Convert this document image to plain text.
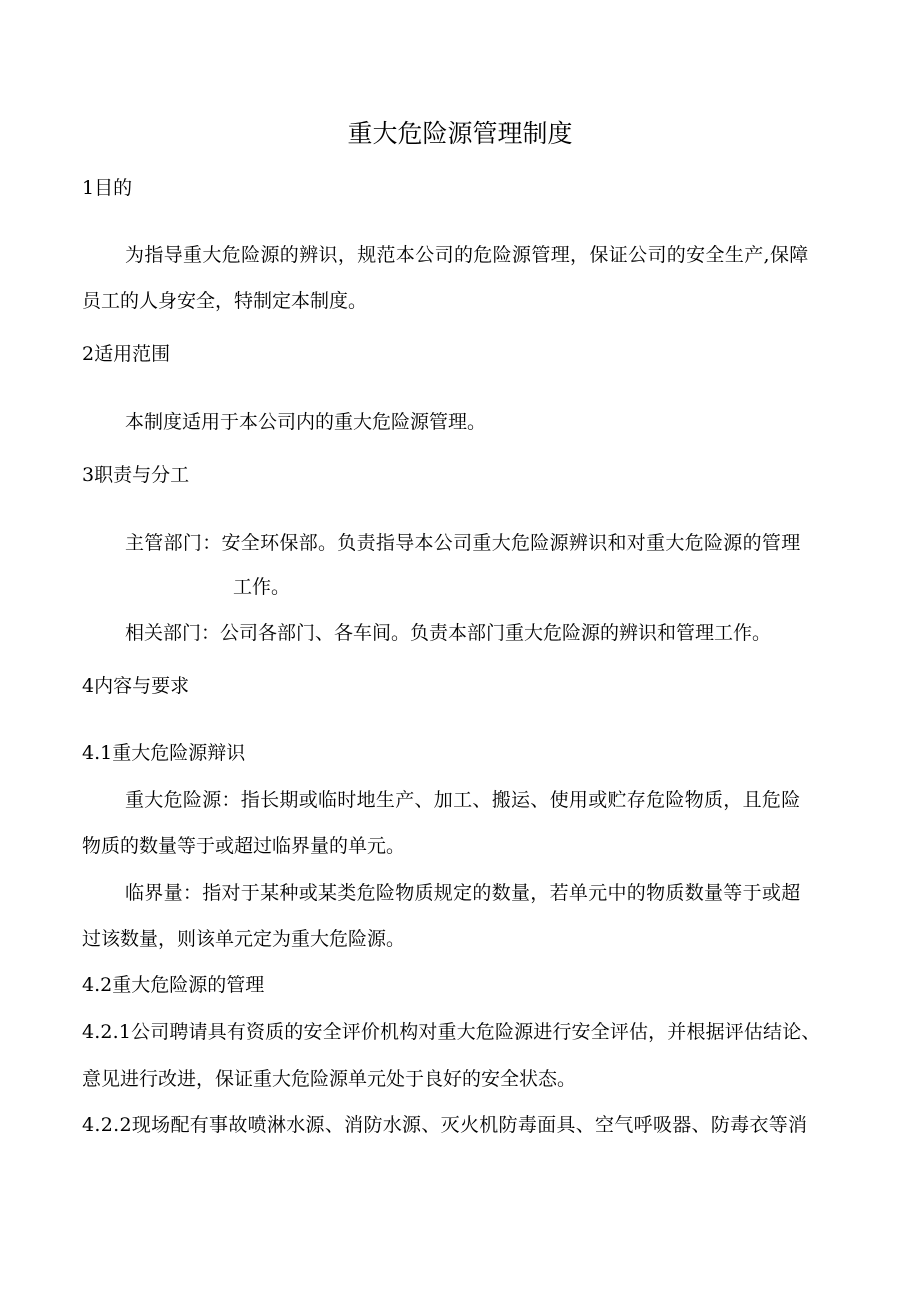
重大危险源管理制度
1目的
为指导重大危险源的辨识，规范本公司的危险源管理，保证公司的安全生产,保障
员工的人身安全，特制定本制度。
2适用范围
本制度适用于本公司内的重大危险源管理。
3职责与分工
主管部门：安全环保部。负责指导本公司重大危险源辨识和对重大危险源的管理
工作。
相关部门：公司各部门、各车间。负责本部门重大危险源的辨识和管理工作。
4内容与要求
4.1重大危险源辩识
重大危险源：指长期或临时地生产、加工、搬运、使用或贮存危险物质，且危险
物质的数量等于或超过临界量的单元。
临界量：指对于某种或某类危险物质规定的数量，若单元中的物质数量等于或超
过该数量，则该单元定为重大危险源。
4.2重大危险源的管理
4.2.1公司聘请具有资质的安全评价机构对重大危险源进行安全评估，并根据评估结论、
意见进行改进，保证重大危险源单元处于良好的安全状态。
4.2.2现场配有事故喷淋水源、消防水源、灭火机防毒面具、空气呼吸器、防毒衣等消
